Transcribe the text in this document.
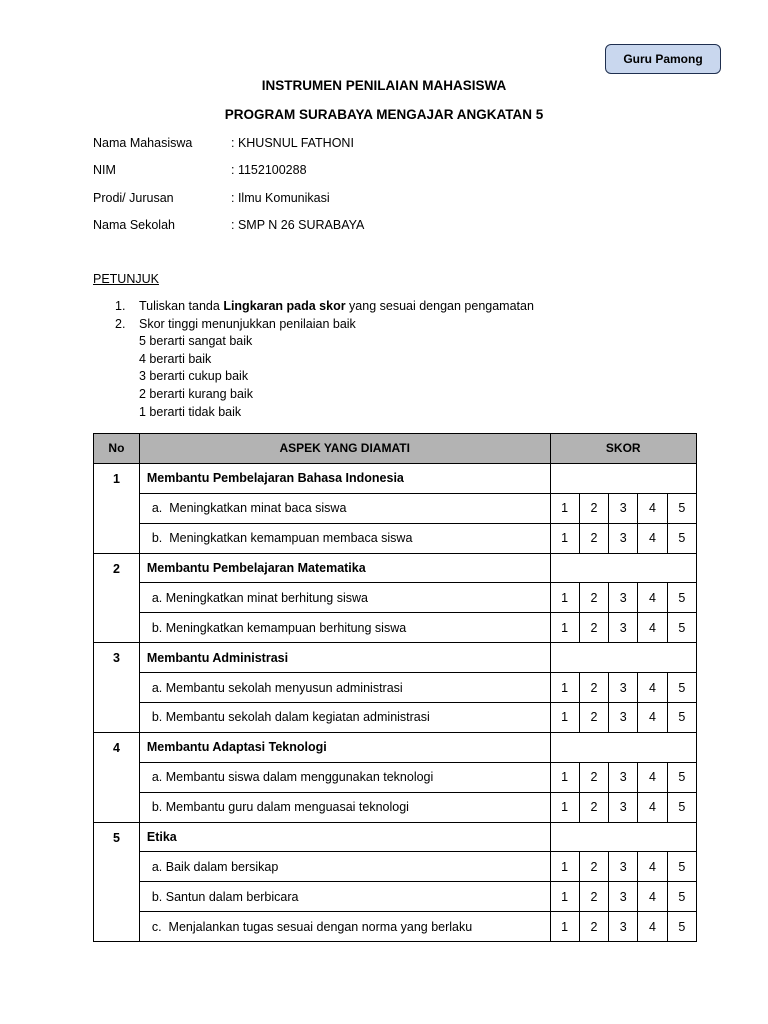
Guru Pamong
INSTRUMEN PENILAIAN MAHASISWA
PROGRAM SURABAYA MENGAJAR ANGKATAN 5
Nama Mahasiswa	: KHUSNUL FATHONI
NIM	: 1152100288
Prodi/ Jurusan	: Ilmu Komunikasi
Nama Sekolah	: SMP N 26 SURABAYA
PETUNJUK
1.	Tuliskan tanda Lingkaran pada skor yang sesuai dengan pengamatan
2.	Skor tinggi menunjukkan penilaian baik
5 berarti sangat baik
4 berarti baik
3 berarti cukup baik
2 berarti kurang baik
1 berarti tidak baik
No	ASPEK YANG DIAMATI	SKOR				

1	Membantu Pembelajaran Bahasa Indonesia					
	a.  Meningkatkan minat baca siswa	1	2	3	4	5
	b.  Meningkatkan kemampuan membaca siswa	1	2	3	4	5

2	Membantu Pembelajaran Matematika					
	a. Meningkatkan minat berhitung siswa	1	2	3	4	5
	b. Meningkatkan kemampuan berhitung siswa	1	2	3	4	5

3	Membantu Administrasi					
	a. Membantu sekolah menyusun administrasi	1	2	3	4	5
	b. Membantu sekolah dalam kegiatan administrasi	1	2	3	4	5

4	Membantu Adaptasi Teknologi					
	a. Membantu siswa dalam menggunakan teknologi	1	2	3	4	5
	b. Membantu guru dalam menguasai teknologi	1	2	3	4	5

5	Etika					
	a. Baik dalam bersikap	1	2	3	4	5
	b. Santun dalam berbicara	1	2	3	4	5
	c.  Menjalankan tugas sesuai dengan norma yang berlaku	1	2	3	4	5
